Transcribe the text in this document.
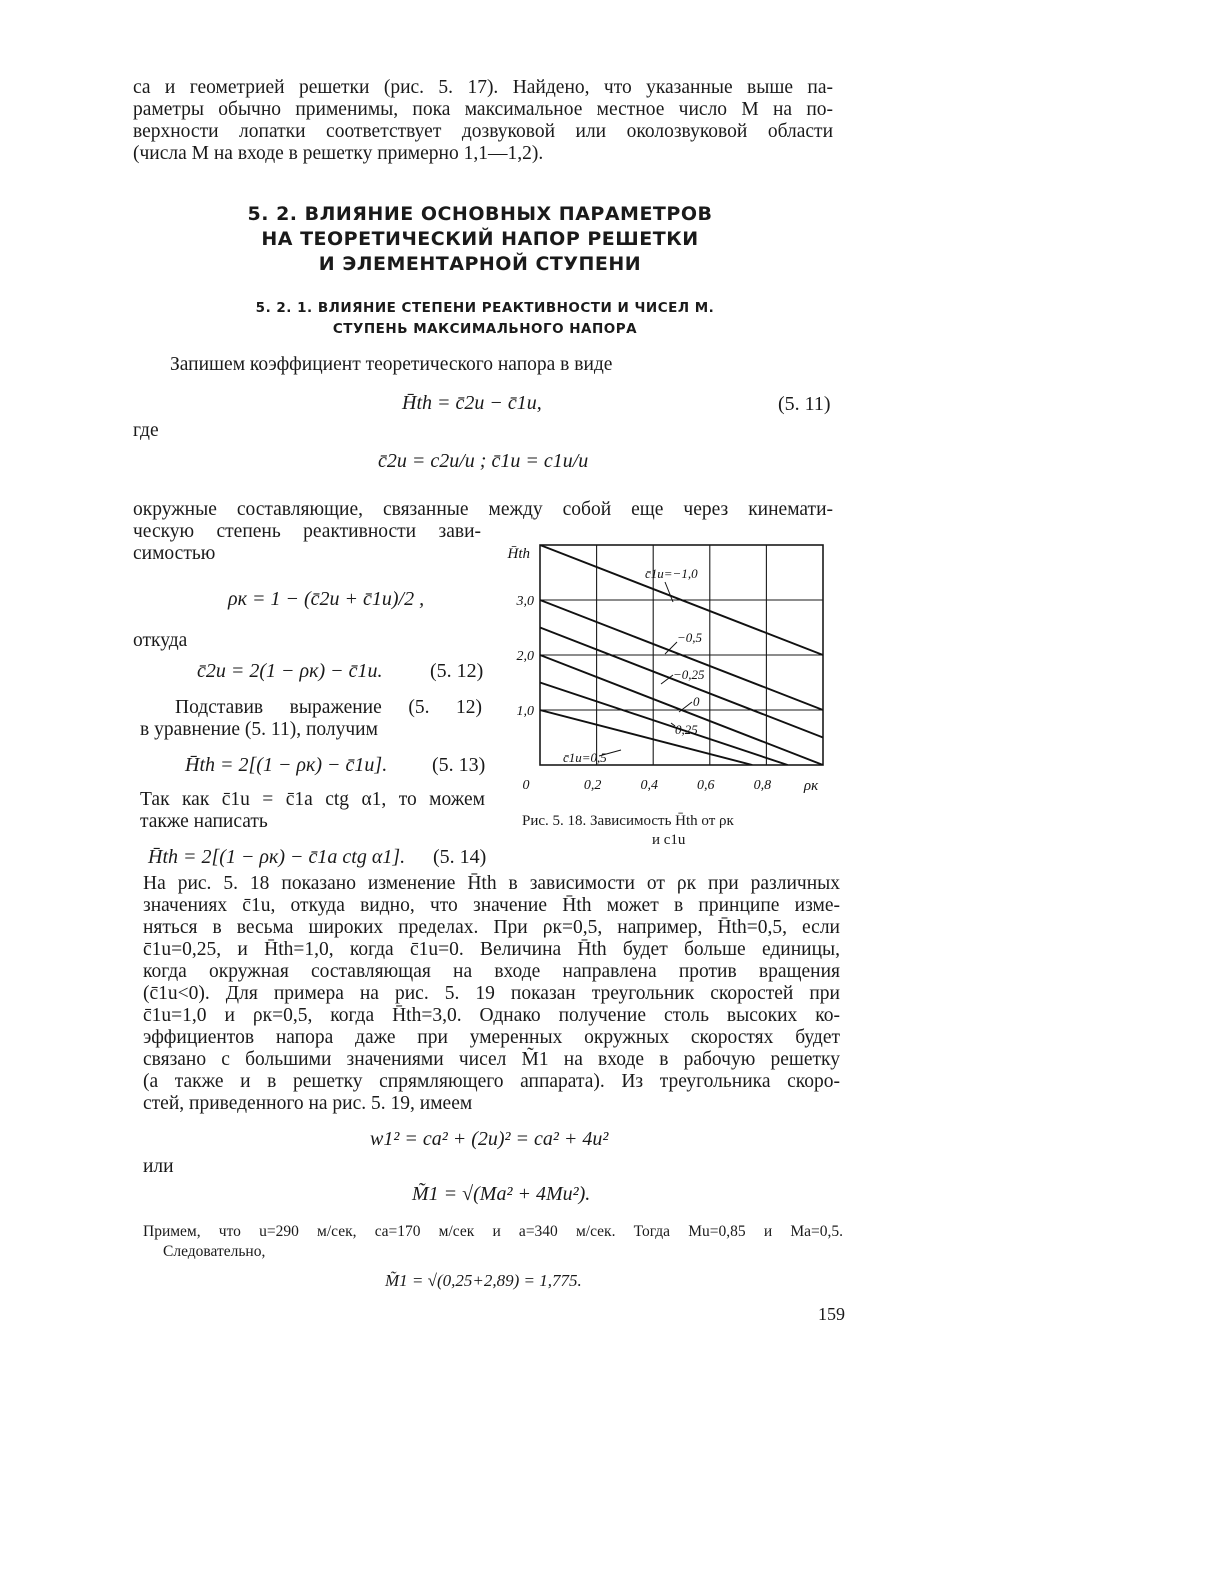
са и геометрией решетки (рис. 5. 17). Найдено, что указанные выше па-
раметры обычно применимы, пока максимальное местное число М на по-
верхности лопатки соответствует дозвуковой или околозвуковой области
(числа М на входе в решетку примерно 1,1—1,2).
5. 2. ВЛИЯНИЕ ОСНОВНЫХ ПАРАМЕТРОВ
НА ТЕОРЕТИЧЕСКИЙ НАПОР РЕШЕТКИ
И ЭЛЕМЕНТАРНОЙ СТУПЕНИ
5. 2. 1. ВЛИЯНИЕ СТЕПЕНИ РЕАКТИВНОСТИ И ЧИСЕЛ М.
СТУПЕНЬ МАКСИМАЛЬНОГО НАПОРА
Запишем коэффициент теоретического напора в виде
H̄th = c̄2u − c̄1u,	(5. 11)
где
c̄2u = c2u/u ; c̄1u = c1u/u
окружные составляющие, связанные между собой еще через кинемати-
ческую степень реактивности зави-
симостью
ρк = 1 − (c̄2u + c̄1u)/2 ,
откуда
c̄2u = 2(1 − ρк) − c̄1u. (5. 12)
Подставив выражение (5. 12)
в уравнение (5. 11), получим
H̄th = 2[(1 − ρк) − c̄1u]. (5. 13)
Так как c̄1u = c̄1a ctg α1, то можем
также написать
H̄th = 2[(1 − ρк) − c̄1a ctg α1]. (5. 14)
c̄1u=−1,0
−0,5
−0,25
0
0,25
c̄1u=0,5
1,0
2,0
3,0
H̄th
0	0,2	0,4	0,6	0,8 ρк
Рис. 5. 18. Зависимость H̄th от ρк
и c1u
На рис. 5. 18 показано изменение H̄th в зависимости от ρк при различных
значениях c̄1u, откуда видно, что значение H̄th может в принципе изме-
няться в весьма широких пределах. При ρк=0,5, например, H̄th=0,5, если
c̄1u=0,25, и H̄th=1,0, когда c̄1u=0. Величина H̄th будет больше единицы,
когда окружная составляющая на входе направлена против вращения
(c̄1u<0). Для примера на рис. 5. 19 показан треугольник скоростей при
c̄1u=1,0 и ρк=0,5, когда H̄th=3,0. Однако получение столь высоких ко-
эффициентов напора даже при умеренных окружных скоростях будет
связано с большими значениями чисел M̃1 на входе в рабочую решетку
(а также и в решетку спрямляющего аппарата). Из треугольника скоро-
стей, приведенного на рис. 5. 19, имеем
w1² = ca² + (2u)² = ca² + 4u²
или
M̃1 = √(Ma² + 4Mu²).
Примем, что u=290 м/сек, ca=170 м/сек и a=340 м/сек. Тогда Mu=0,85 и Ma=0,5.
Следовательно,
M̃1 = √(0,25+2,89) = 1,775.
159
